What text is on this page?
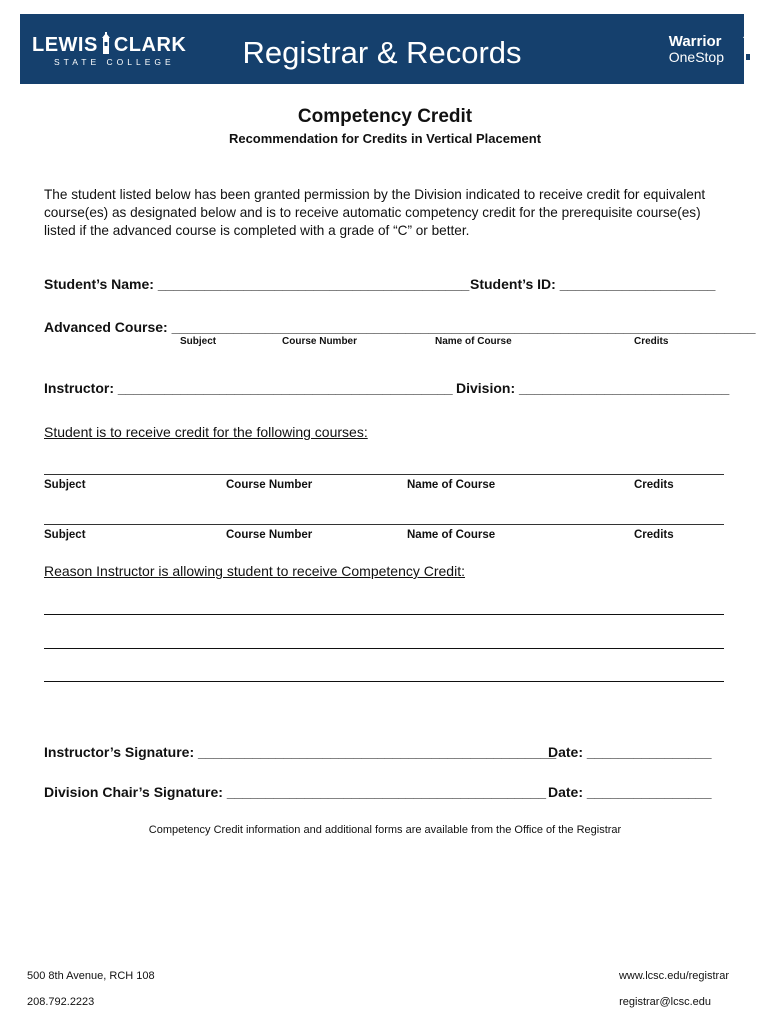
LEWIS CLARK
STATE COLLEGE	Registrar & Records	Warrior
OneStop
Competency Credit
Recommendation for Credits in Vertical Placement
The student listed below has been granted permission by the Division indicated to receive credit for equivalent course(es) as designated below and is to receive automatic competency credit for the prerequisite course(es) listed if the advanced course is completed with a grade of “C” or better.
Student’s Name: ________________________________________ Student’s ID: ____________________
Advanced Course: ___________________________________________________________________________
Subject	Course Number	Name of Course	Credits
Instructor: ___________________________________________ Division: ___________________________
Student is to receive credit for the following courses:
Subject	Course Number	Name of Course	Credits
Subject	Course Number	Name of Course	Credits
Reason Instructor is allowing student to receive Competency Credit:
Instructor’s Signature: ______________________________________________
Date: ________________
Division Chair’s Signature: _________________________________________ Date: ________________
Competency Credit information and additional forms are available from the Office of the Registrar
500 8th Avenue, RCH 108
208.792.2223
www.lcsc.edu/registrar
registrar@lcsc.edu
